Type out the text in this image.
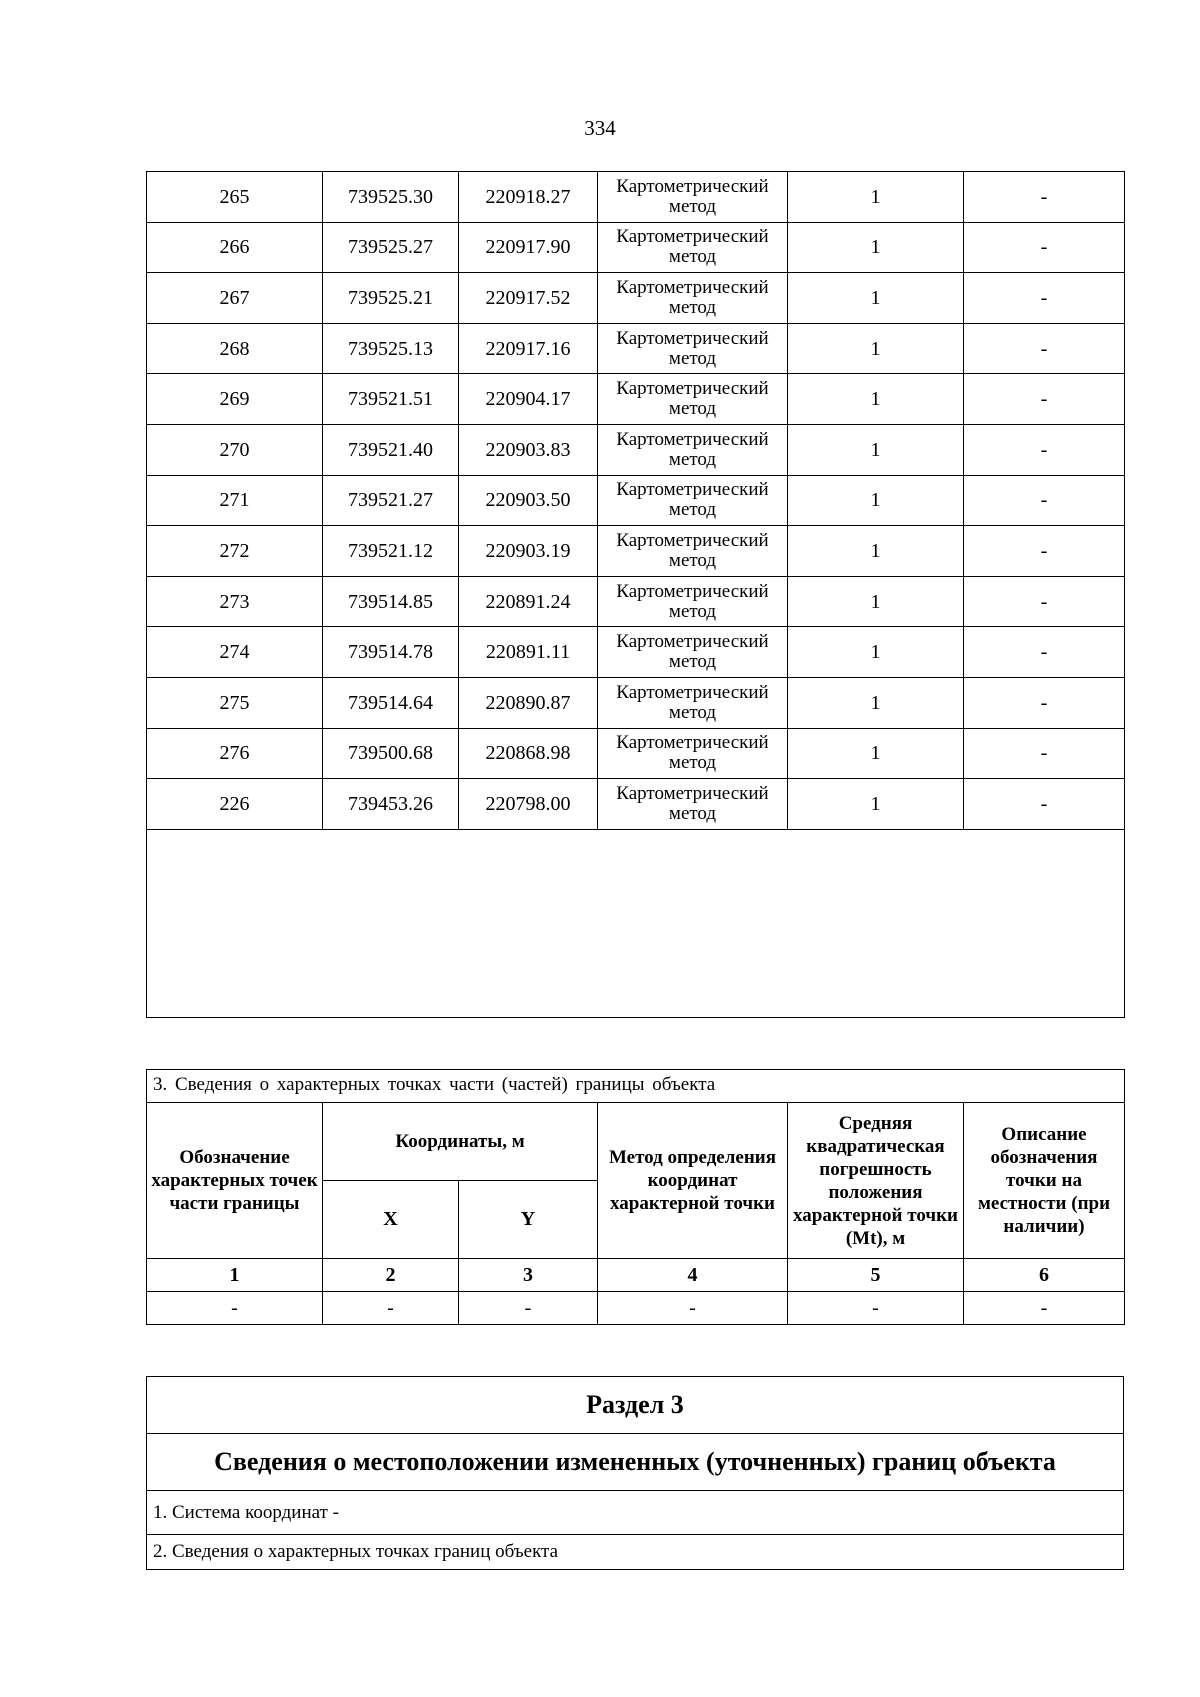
334
265	739525.30	220918.27	Картометрический метод	1	-
266	739525.27	220917.90	Картометрический метод	1	-
267	739525.21	220917.52	Картометрический метод	1	-
268	739525.13	220917.16	Картометрический метод	1	-
269	739521.51	220904.17	Картометрический метод	1	-
270	739521.40	220903.83	Картометрический метод	1	-
271	739521.27	220903.50	Картометрический метод	1	-
272	739521.12	220903.19	Картометрический метод	1	-
273	739514.85	220891.24	Картометрический метод	1	-
274	739514.78	220891.11	Картометрический метод	1	-
275	739514.64	220890.87	Картометрический метод	1	-
276	739500.68	220868.98	Картометрический метод	1	-
226	739453.26	220798.00	Картометрический метод	1	-

3. Сведения о характерных точках части (частей) границы объекта					
Обозначение характерных точек части границы	Координаты, м		Метод определения координат характерной точки	Средняя квадратическая погрешность положения характерной точки (Mt), м	Описание обозначения точки на местности (при наличии)
	X	Y			
1	2	3	4	5	6
-	-	-	-	-	-
Раздел 3
Сведения о местоположении измененных (уточненных) границ объекта
1. Система координат -
2. Сведения о характерных точках границ объекта
